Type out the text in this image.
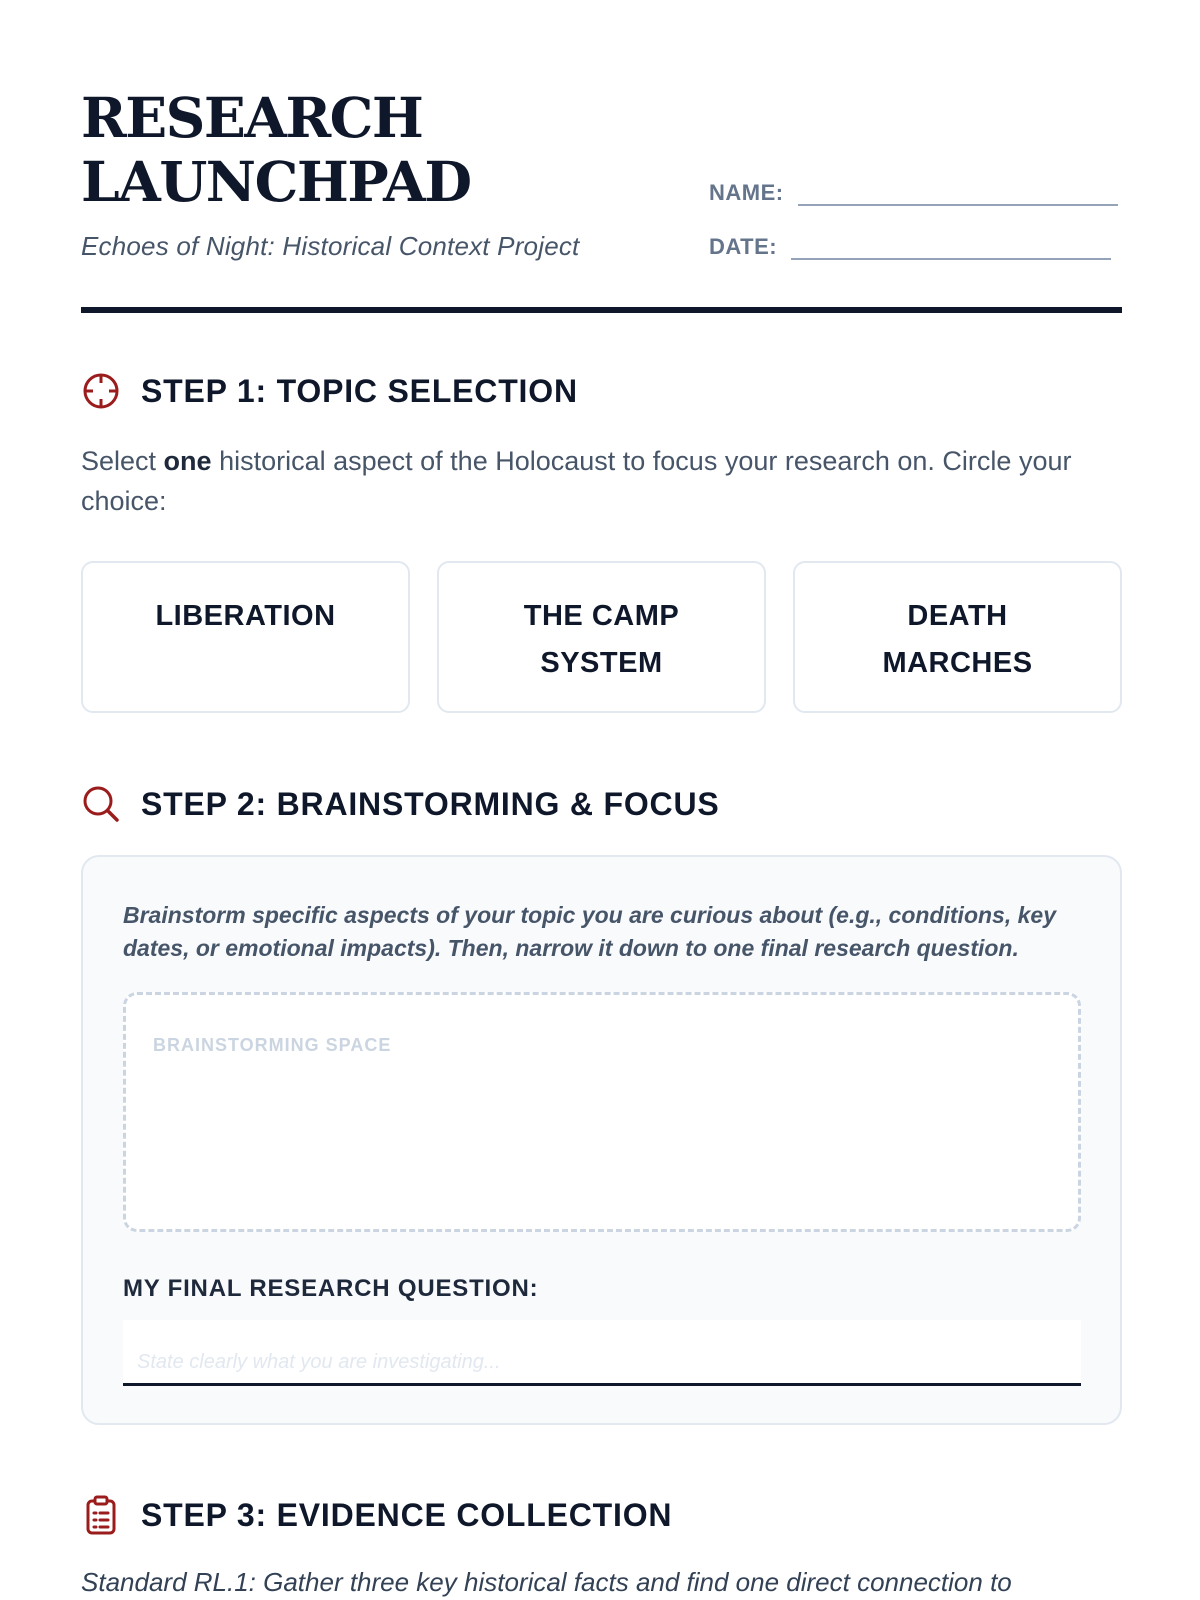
RESEARCH
LAUNCHPAD
Echoes of Night: Historical Context Project
NAME:
DATE:
STEP 1: TOPIC SELECTION

Select one historical aspect of the Holocaust to focus your research on. Circle your choice:

LIBERATION	THE CAMP SYSTEM
DEATH MARCHES
STEP 2: BRAINSTORMING & FOCUS

Brainstorm specific aspects of your topic you are curious about (e.g., conditions, key dates, or emotional impacts). Then, narrow it down to one final research question.

BRAINSTORMING SPACE
MY FINAL RESEARCH QUESTION:
State clearly what you are investigating...
STEP 3: EVIDENCE COLLECTION

Standard RL.1: Gather three key historical facts and find one direct connection to
